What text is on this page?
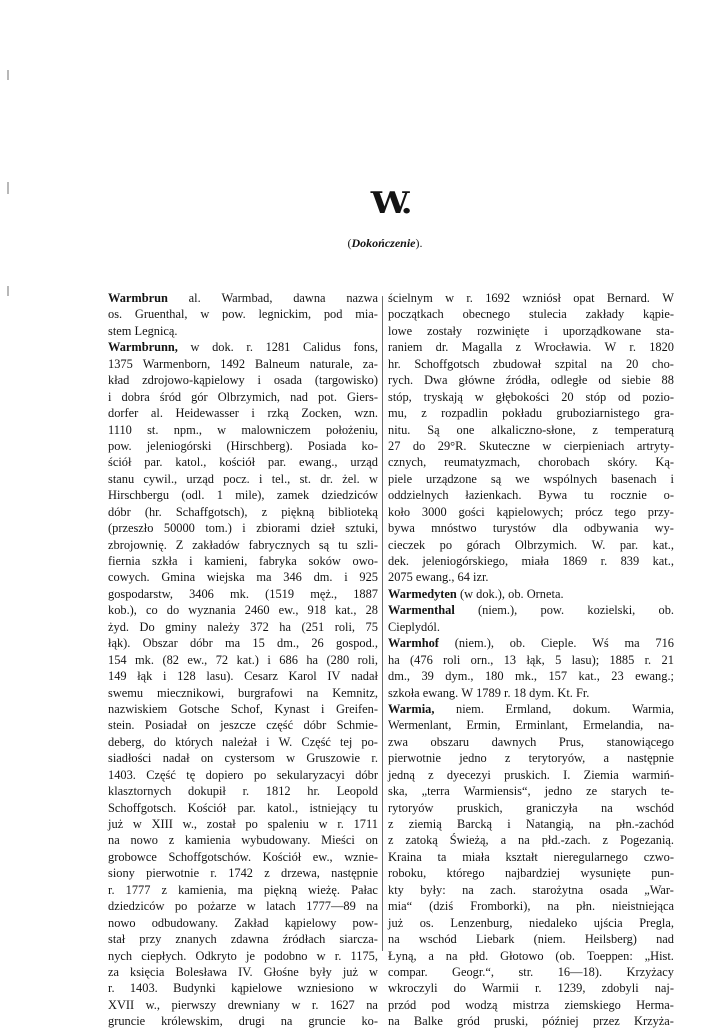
W.
(Dokończenie).
Warmbrun al. Warmbad, dawna nazwa
os. Gruenthal, w pow. legnickim, pod mia-
stem Legnicą.
Warmbrunn, w dok. r. 1281 Calidus fons,
1375 Warmenborn, 1492 Balneum naturale, za-
kład zdrojowo-kąpielowy i osada (targowisko)
i dobra śród gór Olbrzymich, nad pot. Giers-
dorfer al. Heidewasser i rzką Zocken, wzn.
1110 st. npm., w malowniczem położeniu,
pow. jeleniogórski (Hirschberg). Posiada ko-
ściół par. katol., kościół par. ewang., urząd
stanu cywil., urząd pocz. i tel., st. dr. żel. w
Hirschbergu (odl. 1 mile), zamek dziedziców
dóbr (hr. Schaffgotsch), z piękną biblioteką
(przeszło 50000 tom.) i zbiorami dzieł sztuki,
zbrojownię. Z zakładów fabrycznych są tu szli-
fiernia szkła i kamieni, fabryka soków owo-
cowych. Gmina wiejska ma 346 dm. i 925
gospodarstw, 3406 mk. (1519 męż., 1887
kob.), co do wyznania 2460 ew., 918 kat., 28
żyd. Do gminy należy 372 ha (251 roli, 75
łąk). Obszar dóbr ma 15 dm., 26 gospod.,
154 mk. (82 ew., 72 kat.) i 686 ha (280 roli,
149 łąk i 128 lasu). Cesarz Karol IV nadał
swemu miecznikowi, burgrafowi na Kemnitz,
nazwiskiem Gotsche Schof, Kynast i Greifen-
stein. Posiadał on jeszcze część dóbr Schmie-
deberg, do których należał i W. Część tej po-
siadłości nadał on cystersom w Gruszowie r.
1403. Część tę dopiero po sekularyzacyi dóbr
klasztornych dokupił r. 1812 hr. Leopold
Schoffgotsch. Kościół par. katol., istniejący tu
już w XIII w., został po spaleniu w r. 1711
na nowo z kamienia wybudowany. Mieści on
grobowce Schoffgotschów. Kościół ew., wznie-
siony pierwotnie r. 1742 z drzewa, następnie
r. 1777 z kamienia, ma piękną wieżę. Pałac
dziedziców po pożarze w latach 1777—89 na
nowo odbudowany. Zakład kąpielowy pow-
stał przy znanych zdawna źródłach siarcza-
nych ciepłych. Odkryto je podobno w r. 1175,
za księcia Bolesława IV. Głośne były już w
r. 1403. Budynki kąpielowe wzniesiono w
XVII w., pierwszy drewniany w r. 1627 na
gruncie królewskim, drugi na gruncie ko-
ścielnym w r. 1692 wzniósł opat Bernard. W
początkach obecnego stulecia zakłady kąpie-
lowe zostały rozwinięte i uporządkowane sta-
raniem dr. Magalla z Wrocławia. W r. 1820
hr. Schoffgotsch zbudował szpital na 20 cho-
rych. Dwa główne źródła, odległe od siebie 88
stóp, tryskają w głębokości 20 stóp od pozio-
mu, z rozpadlin pokładu gruboziarnistego gra-
nitu. Są one alkaliczno-słone, z temperaturą
27 do 29°R. Skuteczne w cierpieniach artryty-
cznych, reumatyzmach, chorobach skóry. Ką-
piele urządzone są we wspólnych basenach i
oddzielnych łazienkach. Bywa tu rocznie o-
koło 3000 gości kąpielowych; prócz tego przy-
bywa mnóstwo turystów dla odbywania wy-
cieczek po górach Olbrzymich. W. par. kat.,
dek. jeleniogórskiego, miała 1869 r. 839 kat.,
2075 ewang., 64 izr.
Warmedyten (w dok.), ob. Orneta.
Warmenthal (niem.), pow. kozielski, ob.
Cieplydól.
Warmhof (niem.), ob. Cieple. Wś ma 716
ha (476 roli orn., 13 łąk, 5 lasu); 1885 r. 21
dm., 39 dym., 180 mk., 157 kat., 23 ewang.;
szkoła ewang. W 1789 r. 18 dym. Kt. Fr.
Warmia, niem. Ermland, dokum. Warmia,
Wermenlant, Ermin, Erminlant, Ermelandia, na-
zwa obszaru dawnych Prus, stanowiącego
pierwotnie jedno z terytoryów, a następnie
jedną z dyecezyi pruskich. I. Ziemia warmiń-
ska, „terra Warmiensis“, jedno ze starych te-
rytoryów pruskich, graniczyła na wschód
z ziemią Barcką i Natangią, na płn.-zachód
z zatoką Świeżą, a na płd.-zach. z Pogezanią.
Kraina ta miała kształt nieregularnego czwo-
roboku, którego najbardziej wysunięte pun-
kty były: na zach. starożytna osada „War-
mia“ (dziś Fromborki), na płn. nieistniejąca
już os. Lenzenburg, niedaleko ujścia Pregla,
na wschód Liebark (niem. Heilsberg) nad
Łyną, a na płd. Głotowo (ob. Toeppen: „Hist.
compar. Geogr.“, str. 16—18). Krzyżacy
wkroczyli do Warmii r. 1239, zdobyli naj-
przód pod wodzą mistrza ziemskiego Herma-
na Balke gród pruski, później przez Krzyża-
